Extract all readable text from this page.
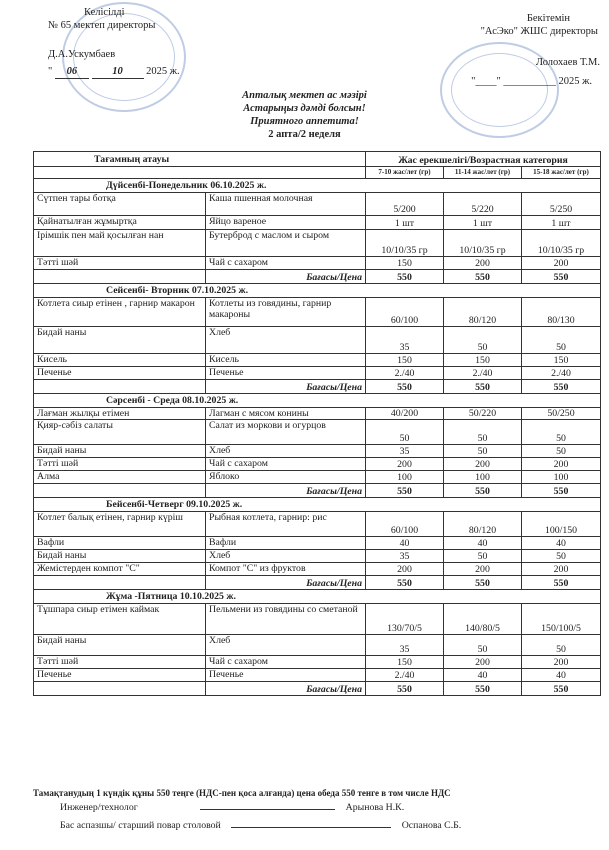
Келісілді
№ 65 мектеп директоры
Д.А.Ускумбаев
" 06	10 2025 ж.
Бекітемін
"АсЭко" ЖШС директоры
Лолохаев Т.М.
"____" __________ 2025 ж.
Апталық мектеп ас мәзірі
Астарыңыз дәмді болсын!
Приятного аппетита!
2 апта/2 неделя
Тағамның атауы		Жас ерекшелігі/Возрастная категория		
		7-10 жас/лет (гр)	11-14 жас/лет (гр)	15-18 жас/лет (гр)
Дүйсенбі-Понедельник 06.10.2025 ж.				
Сүтпен тары ботқа	Каша пшенная молочная	5/200	5/220	5/250
Қайнатылған жұмыртқа	Яйцо вареное	1 шт	1 шт	1 шт
Ірімшік пен май қосылған нан	Бутерброд с маслом и сыром	10/10/35 гр	10/10/35 гр	10/10/35 гр
Тәтті шәй	Чай с сахаром	150	200	200
	Бағасы/Цена	550	550	550
Сейсенбі- Вторник 07.10.2025 ж.				
Котлета сиыр етінен , гарнир макарон	Котлеты из говядины, гарнир макароны	60/100	80/120	80/130
Бидай наны	Хлеб	35	50	50
Кисель	Кисель	150	150	150
Печенье	Печенье	2./40	2./40	2./40
	Бағасы/Цена	550	550	550
Сәрсенбі - Среда 08.10.2025 ж.				
Лағман жылқы етімен	Лагман с мясом конины	40/200	50/220	50/250
Қияр-сәбіз салаты	Салат из моркови и огурцов	50	50	50
Бидай наны	Хлеб	35	50	50
Тәтті шәй	Чай с сахаром	200	200	200
Алма	Яблоко	100	100	100
	Бағасы/Цена	550	550	550
Бейсенбі-Четверг 09.10.2025 ж.				
Котлет балық етінен, гарнир күріш	Рыбная котлета, гарнир: рис	60/100	80/120	100/150
Вафли	Вафли	40	40	40
Бидай наны	Хлеб	35	50	50
Жемістерден компот "С"	Компот "С" из фруктов	200	200	200
	Бағасы/Цена	550	550	550
Жұма -Пятница 10.10.2025 ж.				
Тұшпара сиыр етімен каймак	Пельмени из говядины со сметаной	130/70/5	140/80/5	150/100/5
Бидай наны	Хлеб	35	50	50
Тәтті шәй	Чай с сахаром	150	200	200
Печенье	Печенье	2./40	40	40
	Бағасы/Цена	550	550	550
Тамақтанудың 1 күндік құны 550 теңге (НДС-пен қоса алғанда) цена обеда 550 тенге в том числе НДС
Инженер/технолог	Арынова Н.К.
Бас аспазшы/ старший повар столовой	Оспанова С.Б.
